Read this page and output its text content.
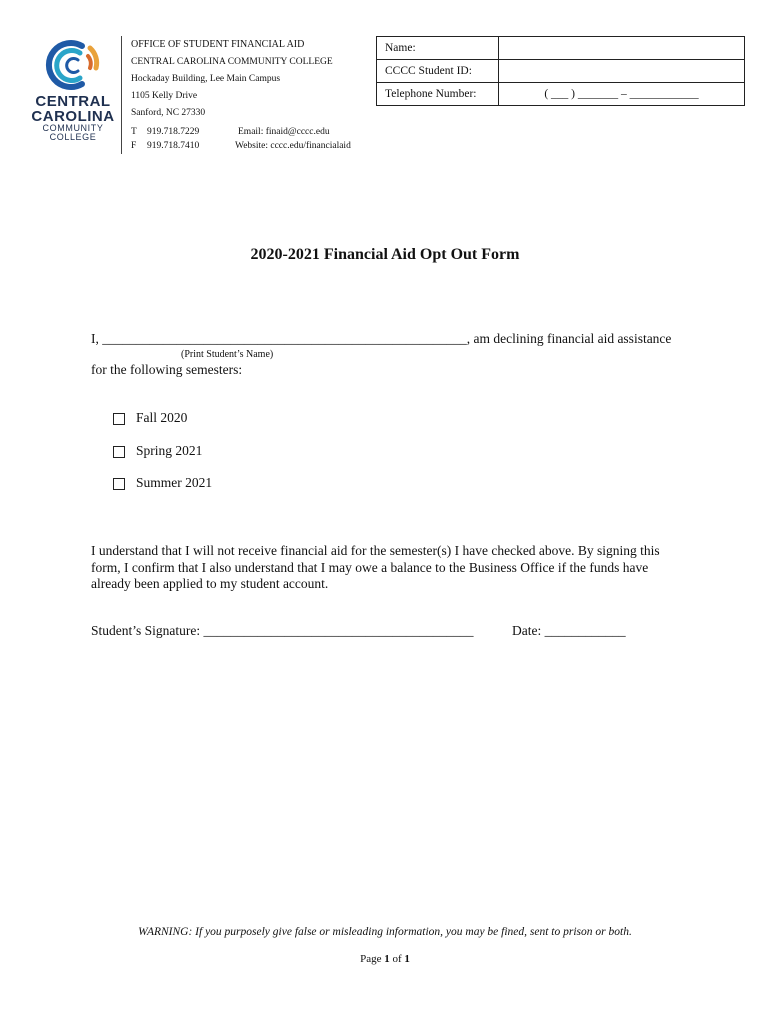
CENTRAL
CAROLINA
COMMUNITY
COLLEGE
OFFICE OF STUDENT FINANCIAL AID
CENTRAL CAROLINA COMMUNITY COLLEGE
Hockaday Building, Lee Main Campus
1105 Kelly Drive
Sanford, NC 27330
T 919.718.7229	Email: finaid@cccc.edu
F 919.718.7410	Website: cccc.edu/financialaid
Name:	
CCCC Student ID:	
Telephone Number:	( ___ ) _______ – ____________
2020-2021 Financial Aid Opt Out Form
I, ______________________________________________________, am declining financial aid assistance
(Print Student’s Name)
for the following semesters:
Fall 2020
Spring 2021
Summer 2021
I understand that I will not receive financial aid for the semester(s) I have checked above. By signing this form, I confirm that I also understand that I may owe a balance to the Business Office if the funds have already been applied to my student account.
Student’s Signature: ________________________________________	Date: ____________
WARNING: If you purposely give false or misleading information, you may be fined, sent to prison or both.
Page 1 of 1
